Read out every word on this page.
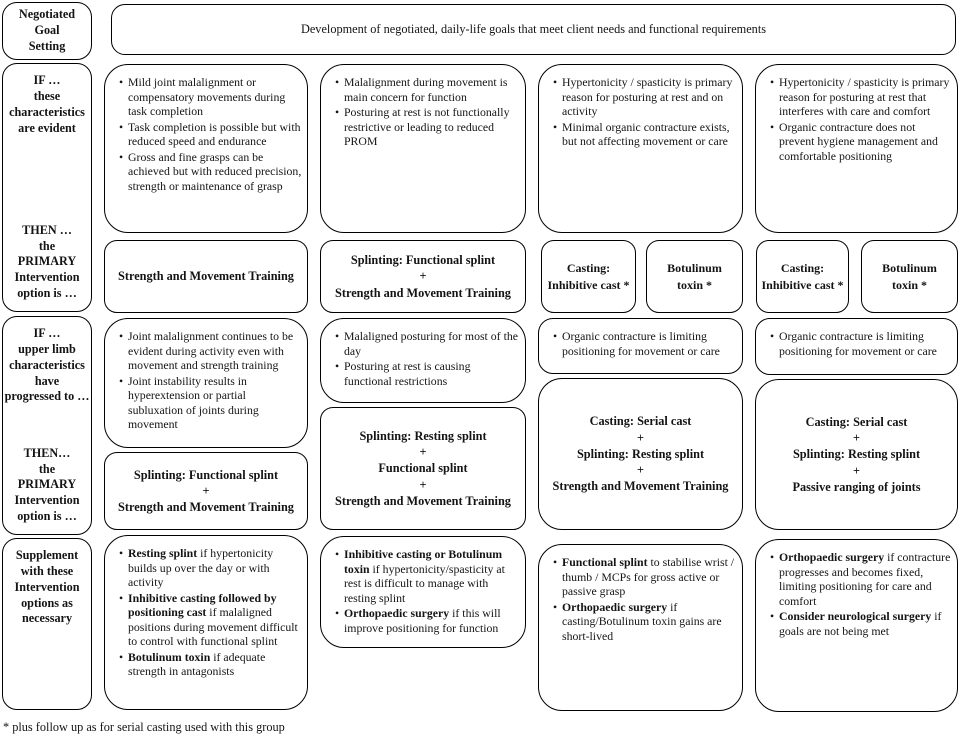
Negotiated
Goal
Setting
IF …
these
characteristics
are evident
THEN …
the
PRIMARY
Intervention
option is …
IF …
upper limb
characteristics
have
progressed to …
THEN…
the
PRIMARY
Intervention
option is …
Supplement
with these
Intervention
options as
necessary
Development of negotiated, daily-life goals that meet client needs and functional requirements
• Mild joint malalignment or compensatory movements during task completion
• Task completion is possible but with reduced speed and endurance
• Gross and fine grasps can be achieved but with reduced precision, strength or maintenance of grasp
Strength and Movement Training
• Joint malalignment continues to be evident during activity even with movement and strength training
• Joint instability results in hyperextension or partial subluxation of joints during movement
Splinting: Functional splint
+
Strength and Movement Training
• Resting splint if hypertonicity builds up over the day or with activity
• Inhibitive casting followed by positioning cast if malaligned positions during movement difficult to control with functional splint
• Botulinum toxin if adequate strength in antagonists
• Malalignment during movement is main concern for function
• Posturing at rest is not functionally restrictive or leading to reduced PROM
Splinting: Functional splint
+
Strength and Movement Training
• Malaligned posturing for most of the day
• Posturing at rest is causing functional restrictions
Splinting: Resting splint
+
Functional splint
+
Strength and Movement Training
• Inhibitive casting or Botulinum toxin if hypertonicity/spasticity at rest is difficult to manage with resting splint
• Orthopaedic surgery if this will improve positioning for function
• Hypertonicity / spasticity is primary reason for posturing at rest and on activity
• Minimal organic contracture exists, but not affecting movement or care
Casting:
Inhibitive cast *
Botulinum
toxin *
• Organic contracture is limiting positioning for movement or care
Casting: Serial cast
+
Splinting: Resting splint
+
Strength and Movement Training
• Functional splint to stabilise wrist / thumb / MCPs for gross active or passive grasp
• Orthopaedic surgery if casting/Botulinum toxin gains are short-lived
• Hypertonicity / spasticity is primary reason for posturing at rest that interferes with care and comfort
• Organic contracture does not prevent hygiene management and comfortable positioning
Casting:
Inhibitive cast *
Botulinum
toxin *
• Organic contracture is limiting positioning for movement or care
Casting: Serial cast
+
Splinting: Resting splint
+
Passive ranging of joints
• Orthopaedic surgery if contracture progresses and becomes fixed, limiting positioning for care and comfort
• Consider neurological surgery if goals are not being met
* plus follow up as for serial casting used with this group
